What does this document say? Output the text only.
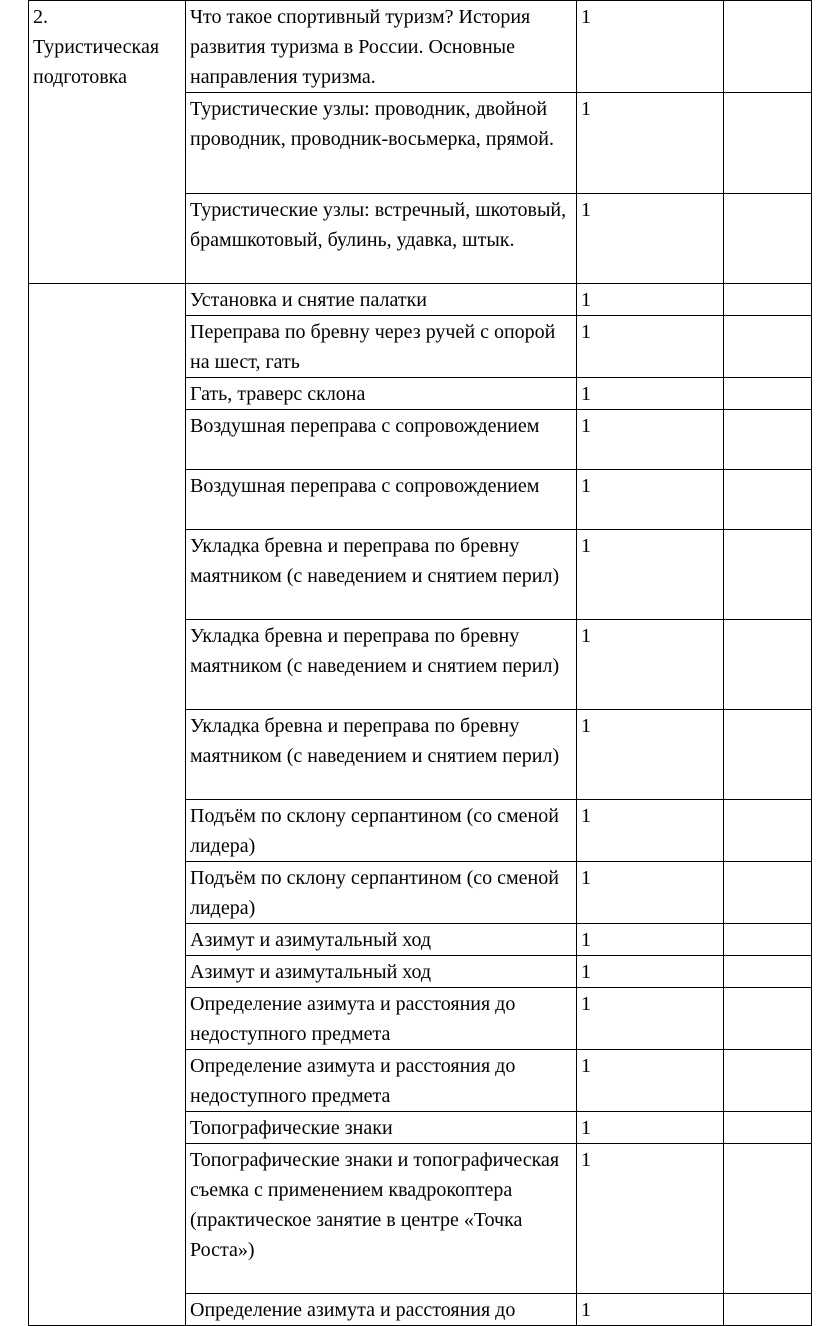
2.
Туристическая
подготовка	Что такое спортивный туризм? История развития туризма в России. Основные направления туризма.	1	
	Туристические узлы: проводник, двойной проводник, проводник-восьмерка, прямой.	1	
	Туристические узлы: встречный, шкотовый, брамшкотовый, булинь, удавка, штык.	1	
	Установка и снятие палатки	1	
	Переправа по бревну через ручей с опорой на шест, гать	1	
	Гать, траверс склона	1	
	Воздушная переправа с сопровождением	1	
	Воздушная переправа с сопровождением	1	
	Укладка бревна и переправа по бревну маятником (с наведением и снятием перил)	1	
	Укладка бревна и переправа по бревну маятником (с наведением и снятием перил)	1	
	Укладка бревна и переправа по бревну маятником (с наведением и снятием перил)	1	
	Подъём по склону серпантином (со сменой лидера)	1	
	Подъём по склону серпантином (со сменой лидера)	1	
	Азимут и азимутальный ход	1	
	Азимут и азимутальный ход	1	
	Определение азимута и расстояния до недоступного предмета	1	
	Определение азимута и расстояния до недоступного предмета	1	
	Топографические знаки	1	
	Топографические знаки и топографическая съемка с применением квадрокоптера (практическое занятие в центре «Точка Роста»)	1	
	Определение азимута и расстояния до	1	
